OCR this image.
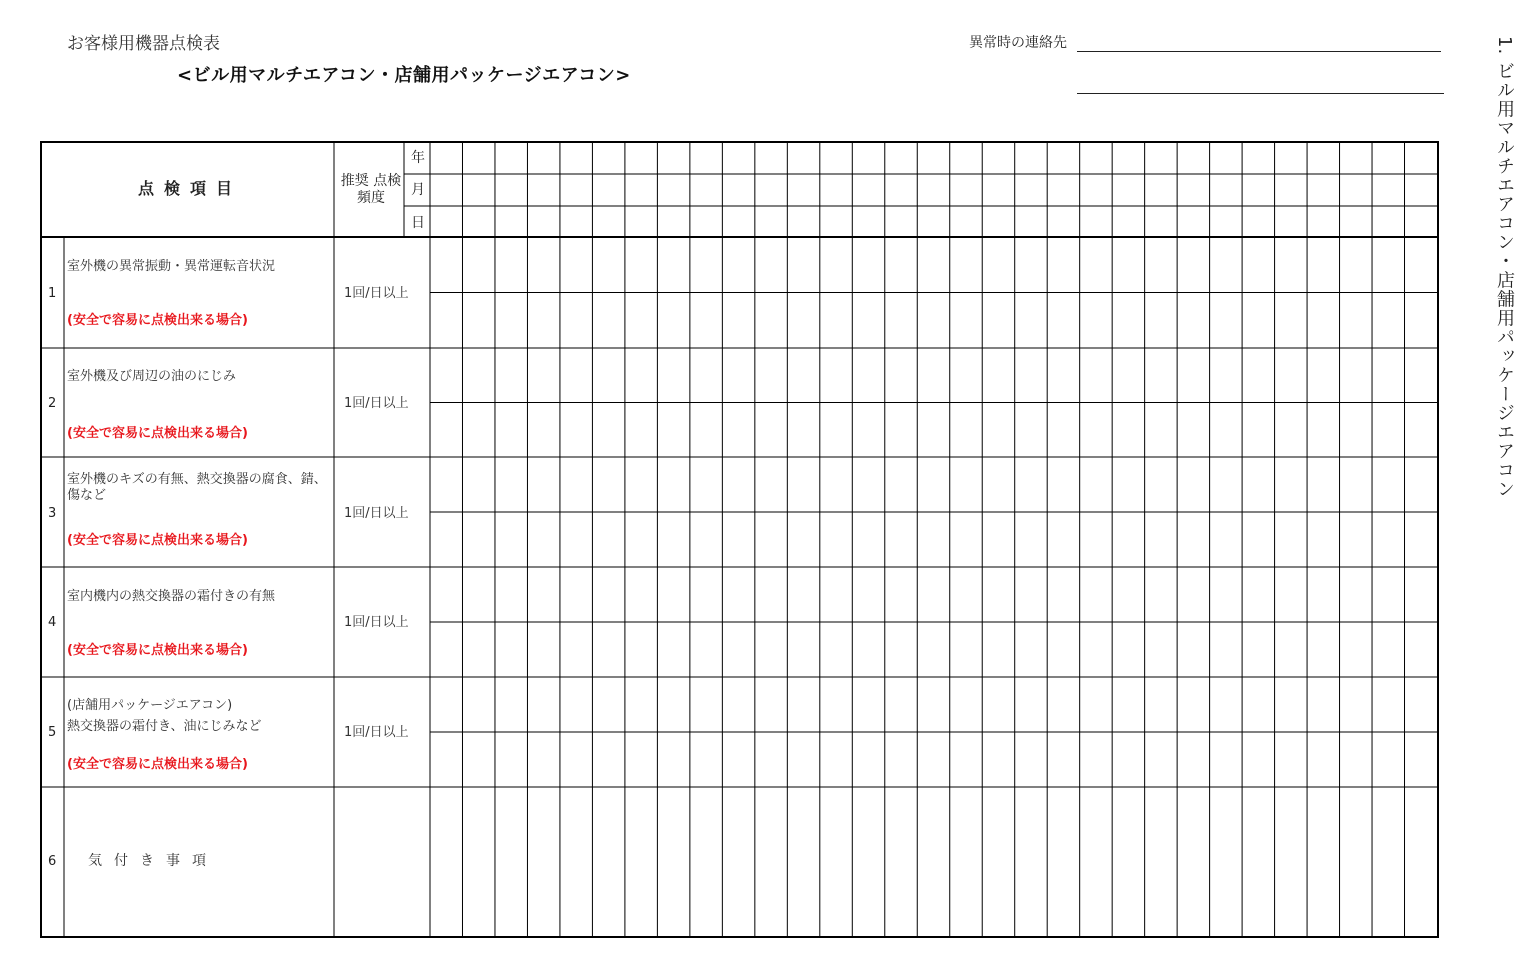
お客様用機器点検表
<ビル用マルチエアコン・店舗用パッケージエアコン>
異常時の連絡先	1. ビル用マルチエアコン・店舗用パッケージエアコン
点検項目	推奨 点検頻度
年
月
日
1
室外機の異常振動・異常運転音状況
(安全で容易に点検出来る場合)
1回/日以上
2
室外機及び周辺の油のにじみ
(安全で容易に点検出来る場合)
1回/日以上
3
室外機のキズの有無、熱交換器の腐食、錆、 傷など
(安全で容易に点検出来る場合)
1回/日以上
4
室内機内の熱交換器の霜付きの有無
(安全で容易に点検出来る場合)
1回/日以上
5
(店舗用パッケージエアコン)
熱交換器の霜付き、油にじみなど
(安全で容易に点検出来る場合)
1回/日以上
6 気付き事項
